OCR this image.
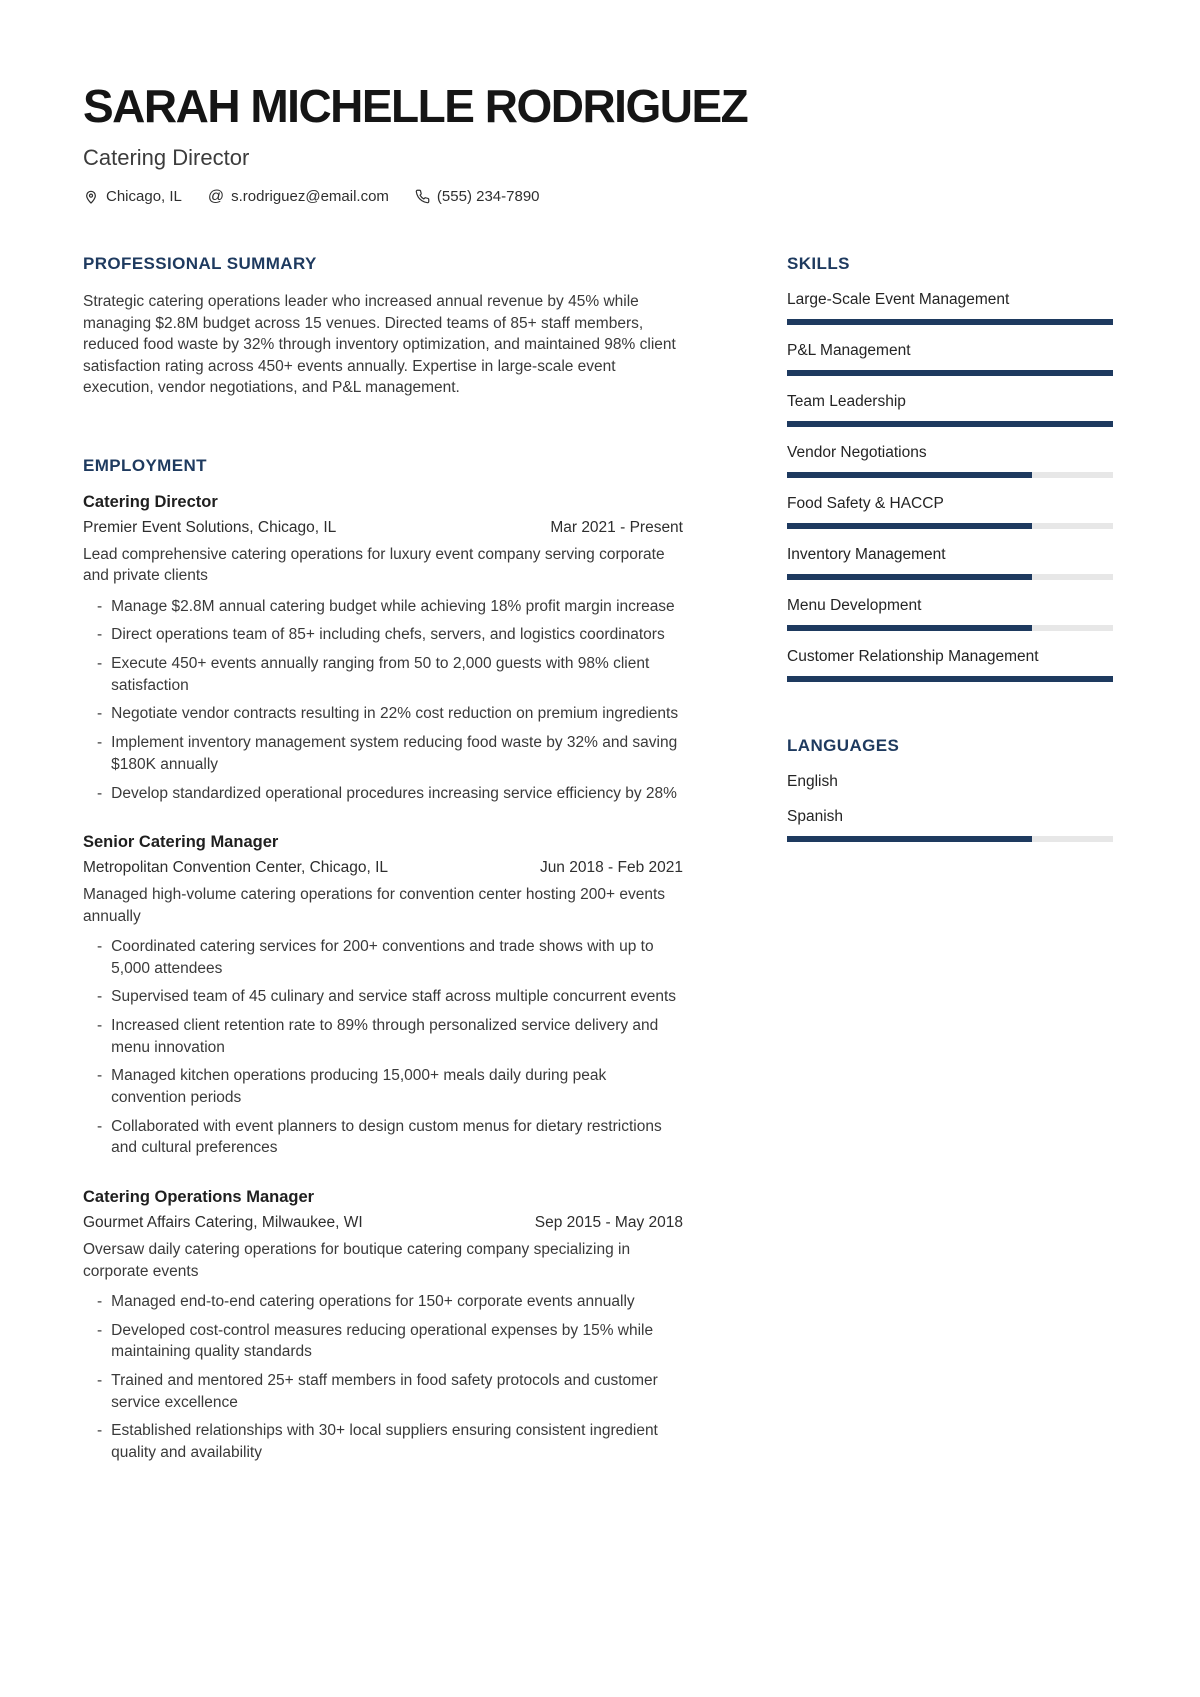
SARAH MICHELLE RODRIGUEZ
Catering Director
Chicago, IL @ s.rodriguez@email.com	(555) 234-7890
PROFESSIONAL SUMMARY

Strategic catering operations leader who increased annual revenue by 45% while managing $2.8M budget across 15 venues. Directed teams of 85+ staff members, reduced food waste by 32% through inventory optimization, and maintained 98% client satisfaction rating across 450+ events annually. Expertise in large-scale event execution, vendor negotiations, and P&L management.

EMPLOYMENT
Catering Director
Premier Event Solutions, Chicago, IL	Mar 2021 - Present
Lead comprehensive catering operations for luxury event company serving corporate and private clients
- Manage $2.8M annual catering budget while achieving 18% profit margin increase
- Direct operations team of 85+ including chefs, servers, and logistics coordinators
- Execute 450+ events annually ranging from 50 to 2,000 guests with 98% client satisfaction
- Negotiate vendor contracts resulting in 22% cost reduction on premium ingredients
- Implement inventory management system reducing food waste by 32% and saving $180K annually
- Develop standardized operational procedures increasing service efficiency by 28%
Senior Catering Manager
Metropolitan Convention Center, Chicago, IL	Jun 2018 - Feb 2021
Managed high-volume catering operations for convention center hosting 200+ events annually
- Coordinated catering services for 200+ conventions and trade shows with up to 5,000 attendees
- Supervised team of 45 culinary and service staff across multiple concurrent events
- Increased client retention rate to 89% through personalized service delivery and menu innovation
- Managed kitchen operations producing 15,000+ meals daily during peak convention periods
- Collaborated with event planners to design custom menus for dietary restrictions and cultural preferences
Catering Operations Manager
Gourmet Affairs Catering, Milwaukee, WI	Sep 2015 - May 2018
Oversaw daily catering operations for boutique catering company specializing in corporate events
- Managed end-to-end catering operations for 150+ corporate events annually
- Developed cost-control measures reducing operational expenses by 15% while maintaining quality standards
- Trained and mentored 25+ staff members in food safety protocols and customer service excellence
- Established relationships with 30+ local suppliers ensuring consistent ingredient quality and availability
SKILLS
Large-Scale Event Management
P&L Management
Team Leadership
Vendor Negotiations
Food Safety & HACCP
Inventory Management
Menu Development
Customer Relationship Management
LANGUAGES
English
Spanish
